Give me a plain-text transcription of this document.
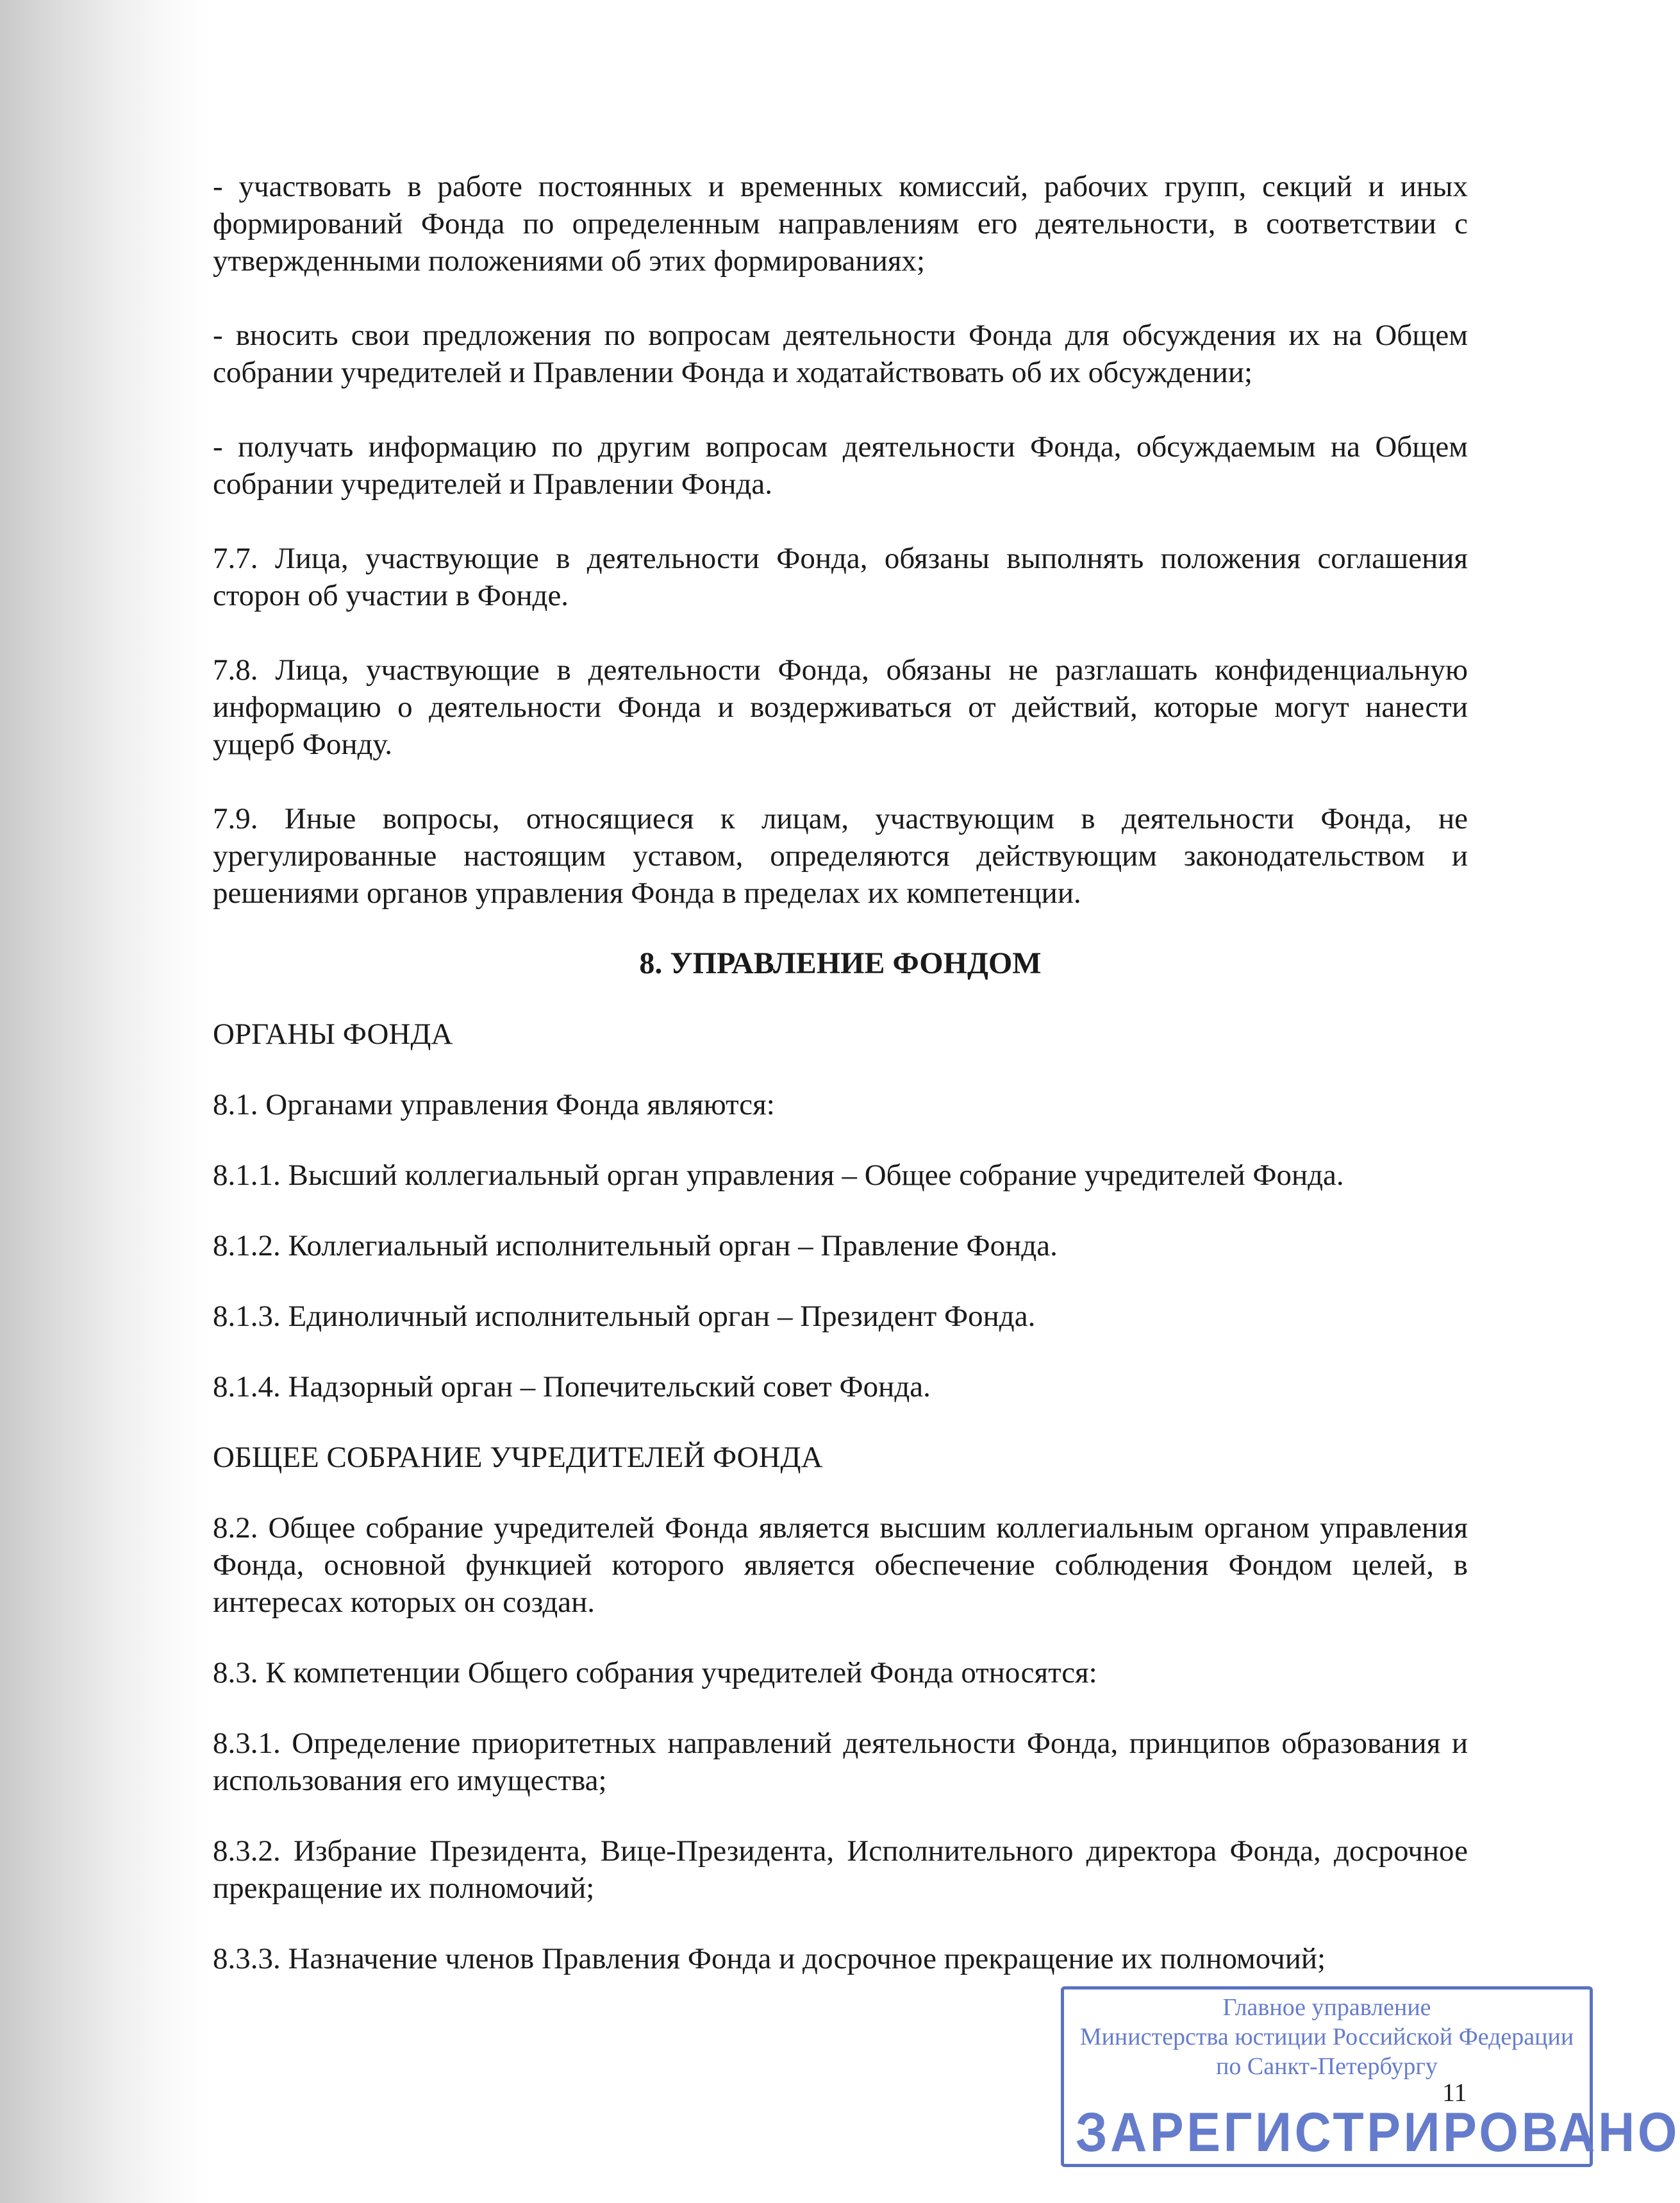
- участвовать в работе постоянных и временных комиссий, рабочих групп, секций и иных формирований Фонда по определенным направлениям его деятельности, в соответствии с утвержденными положениями об этих формированиях;

- вносить свои предложения по вопросам деятельности Фонда для обсуждения их на Общем собрании учредителей и Правлении Фонда и ходатайствовать об их обсуждении;

- получать информацию по другим вопросам деятельности Фонда, обсуждаемым на Общем собрании учредителей и Правлении Фонда.

7.7. Лица, участвующие в деятельности Фонда, обязаны выполнять положения соглашения сторон об участии в Фонде.

7.8. Лица, участвующие в деятельности Фонда, обязаны не разглашать конфиденциальную информацию о деятельности Фонда и воздерживаться от действий, которые могут нанести ущерб Фонду.

7.9. Иные вопросы, относящиеся к лицам, участвующим в деятельности Фонда, не урегулированные настоящим уставом, определяются действующим законодательством и решениями органов управления Фонда в пределах их компетенции.

8. УПРАВЛЕНИЕ ФОНДОМ

ОРГАНЫ ФОНДА

8.1. Органами управления Фонда являются:

8.1.1. Высший коллегиальный орган управления – Общее собрание учредителей Фонда.

8.1.2. Коллегиальный исполнительный орган – Правление Фонда.

8.1.3. Единоличный исполнительный орган – Президент Фонда.

8.1.4. Надзорный орган – Попечительский совет Фонда.

ОБЩЕЕ СОБРАНИЕ УЧРЕДИТЕЛЕЙ ФОНДА

8.2. Общее собрание учредителей Фонда является высшим коллегиальным органом управления Фонда, основной функцией которого является обеспечение соблюдения Фондом целей, в интересах которых он создан.

8.3. К компетенции Общего собрания учредителей Фонда относятся:

8.3.1. Определение приоритетных направлений деятельности Фонда, принципов образования и использования его имущества;

8.3.2. Избрание Президента, Вице-Президента, Исполнительного директора Фонда, досрочное прекращение их полномочий;

8.3.3. Назначение членов Правления Фонда и досрочное прекращение их полномочий;

11
Главное управление
Министерства юстиции Российской Федерации
по Санкт-Петербургу
ЗАРЕГИСТРИРОВАНО
